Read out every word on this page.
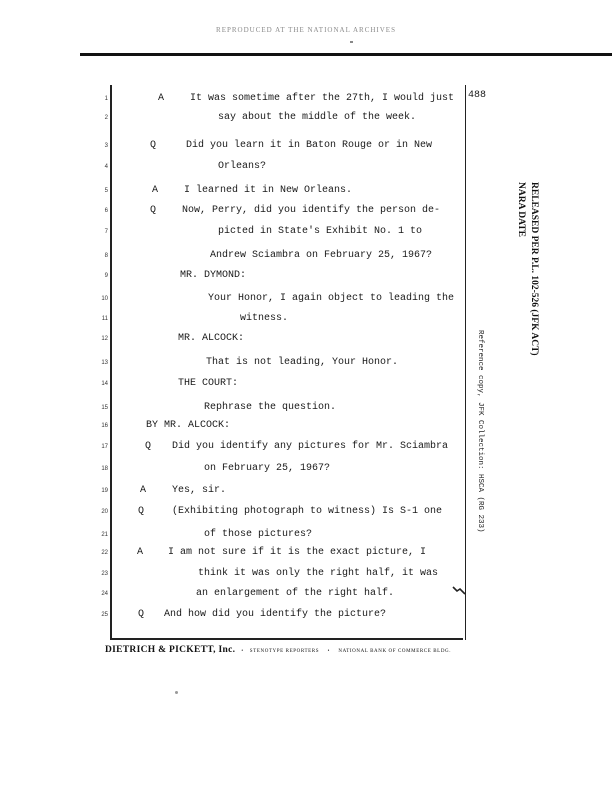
REPRODUCED AT THE NATIONAL ARCHIVES
488
1	A	It was sometime after the 27th, I would just
2	say about the middle of the week.
3	Q	Did you learn it in Baton Rouge or in New
4	Orleans?
5	A	I learned it in New Orleans.
6	Q	Now, Perry, did you identify the person de-
7	picted in State's Exhibit No. 1 to
8	Andrew Sciambra on February 25, 1967?
9	MR. DYMOND:
10	Your Honor, I again object to leading the
11	witness.
12	MR. ALCOCK:
13	That is not leading, Your Honor.
14	THE COURT:
15	Rephrase the question.
16	BY MR. ALCOCK:
17	Q Did you identify any pictures for Mr. Sciambra
18	on February 25, 1967?
19	A	Yes, sir.
20	Q	(Exhibiting photograph to witness) Is S-1 one
21	of those pictures?
22	A I am not sure if it is the exact picture, I
23	think it was only the right half, it was
24	an enlargement of the right half.
25	Q And how did you identify the picture?
DIETRICH & PICKETT, Inc.   •   STENOTYPE REPORTERS • NATIONAL BANK OF COMMERCE BLDG.
RELEASED PER P.L. 102-526 (JFK ACT)
NARA DATE
Reference copy, JFK Collection: HSCA (RG 233)
